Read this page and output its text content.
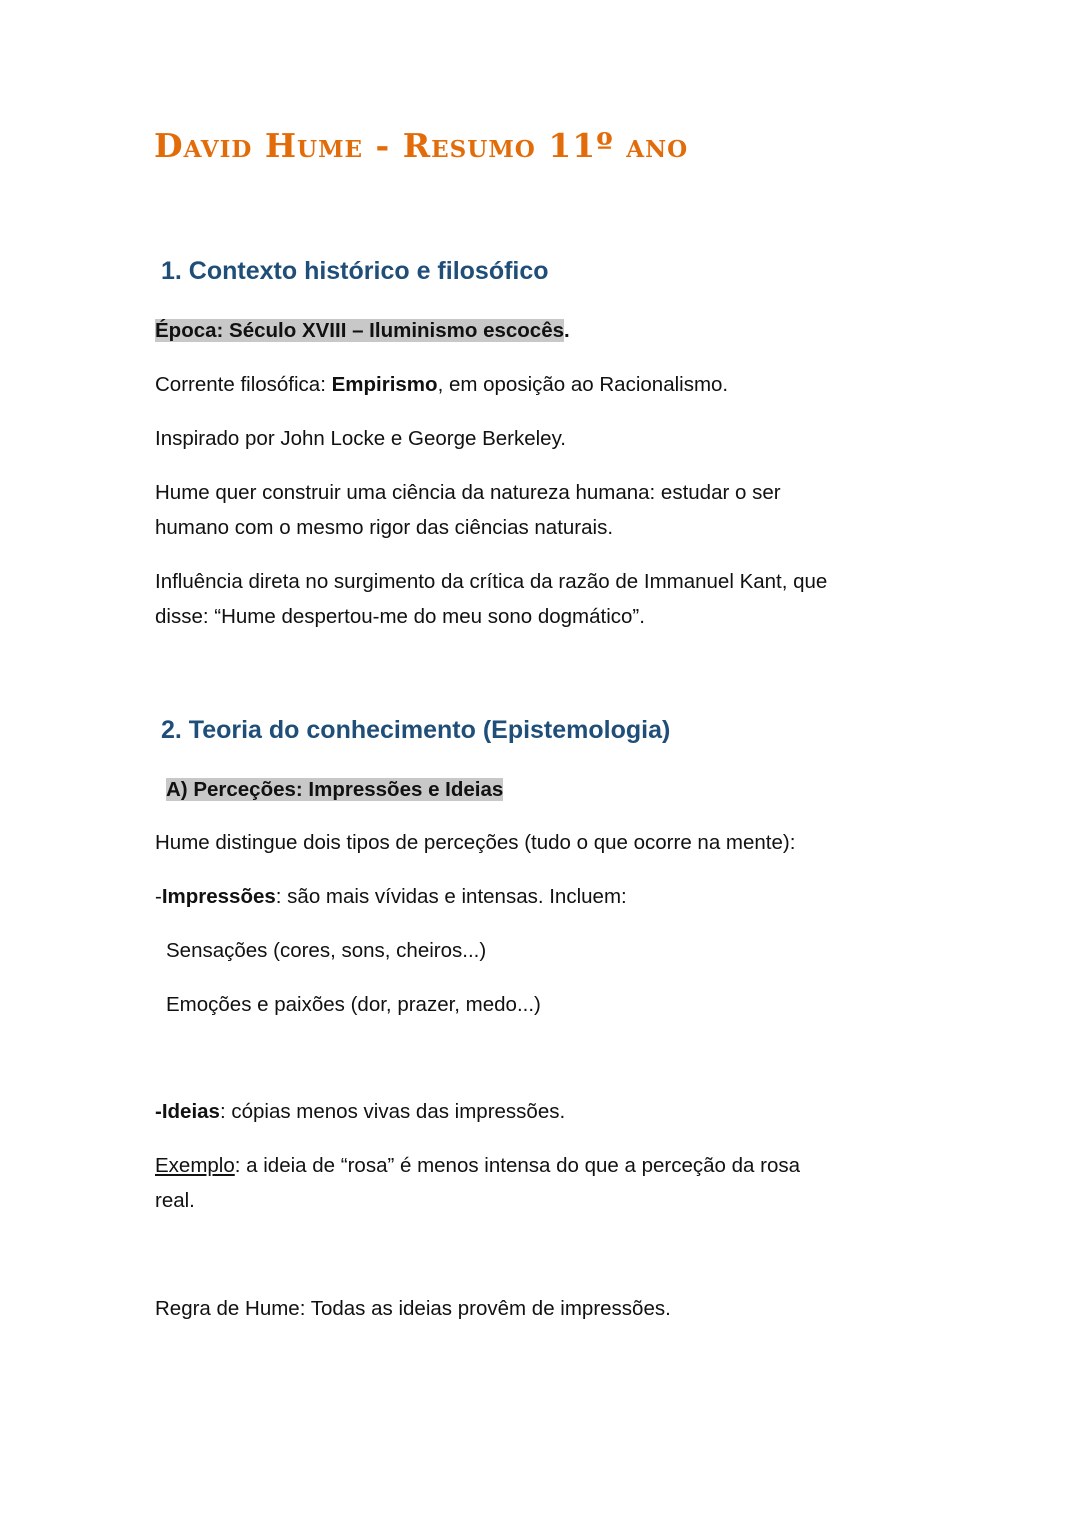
David Hume - Resumo 11º ano
1. Contexto histórico e filosófico
Época: Século XVIII – Iluminismo escocês.
Corrente filosófica: Empirismo, em oposição ao Racionalismo.
Inspirado por John Locke e George Berkeley.
Hume quer construir uma ciência da natureza humana: estudar o ser
humano com o mesmo rigor das ciências naturais.
Influência direta no surgimento da crítica da razão de Immanuel Kant, que
disse: “Hume despertou-me do meu sono dogmático”.
2. Teoria do conhecimento (Epistemologia)
A) Perceções: Impressões e Ideias
Hume distingue dois tipos de perceções (tudo o que ocorre na mente):
-Impressões: são mais vívidas e intensas. Incluem:
Sensações (cores, sons, cheiros...)
Emoções e paixões (dor, prazer, medo...)
-Ideias: cópias menos vivas das impressões.
Exemplo: a ideia de “rosa” é menos intensa do que a perceção da rosa
real.
Regra de Hume: Todas as ideias provêm de impressões.
